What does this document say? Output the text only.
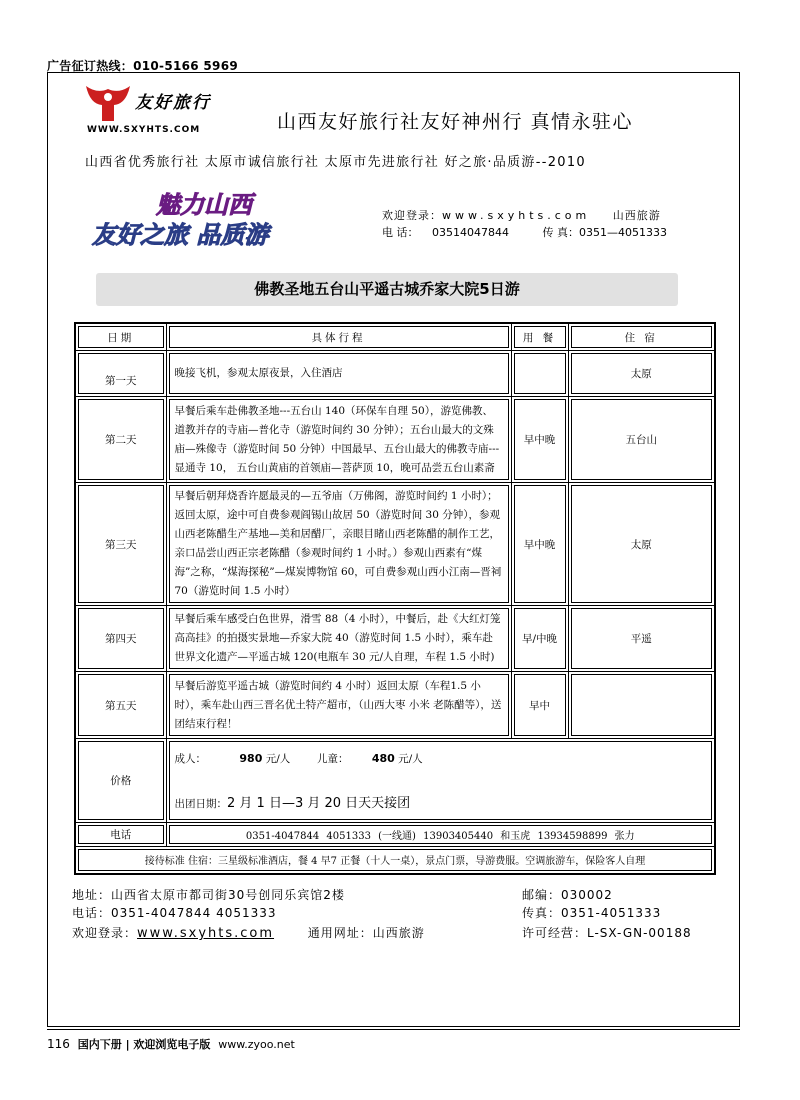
广告征订热线：010-5166 5969
友好旅行
WWW.SXYHTS.COM	山西友好旅行社友好神州行 真情永驻心
山西省优秀旅行社 太原市诚信旅行社 太原市先进旅行社 好之旅·品质游--2010
魅力山西
友好之旅 品质游
欢迎登录：www.sxyhts.com 山西旅游
电 话： 03514047844	传 真：0351—4051333
佛教圣地五台山平遥古城乔家大院5日游
日期	具体行程	用 餐	住 宿
第一天	晚接飞机，参观太原夜景，入住酒店		太原
第二天	早餐后乘车赴佛教圣地---五台山 140（环保车自理 50），游览佛教、道教并存的寺庙—普化寺（游览时间约 30 分钟）；五台山最大的文殊庙—殊像寺（游览时间 50 分钟）中国最早、五台山最大的佛教寺庙---显通寺 10， 五台山黄庙的首领庙—菩萨顶 10，晚可品尝五台山素斋	早中晚	五台山
第三天	早餐后朝拜烧香许愿最灵的—五爷庙（万佛阁，游览时间约 1 小时）；返回太原，途中可自费参观阎锡山故居 50（游览时间 30 分钟），参观山西老陈醋生产基地—美和居醋厂，亲眼目睹山西老陈醋的制作工艺，亲口品尝山西正宗老陈醋（参观时间约 1 小时。）参观山西素有“煤海”之称，“煤海探秘”—煤炭博物馆 60，可自费参观山西小江南—晋祠 70（游览时间 1.5 小时）	早中晚	太原
第四天	早餐后乘车感受白色世界，滑雪 88（4 小时），中餐后，赴《大红灯笼高高挂》的拍摄实景地—乔家大院 40（游览时间 1.5 小时），乘车赴世界文化遗产—平遥古城 120(电瓶车 30 元/人自理，车程 1.5 小时)	早/中晚	平遥
第五天	早餐后游览平遥古城（游览时间约 4 小时）返回太原（车程1.5 小时），乘车赴山西三晋名优土特产超市，（山西大枣 小米 老陈醋等），送团结束行程！	早中	
价格	成人： 980 元/人 儿童： 480 元/人
出团日期：2 月 1 日—3 月 20 日天天接团		

电话	0351-4047844 4051333 (一线通) 13903405440 和玉虎 13934598899 张力		
接待标准 住宿：三星级标准酒店，餐 4 早7 正餐（十人一桌），景点门票，导游费服。空调旅游车，保险客人自理			
地址：山西省太原市都司街30号创同乐宾馆2楼	邮编：030002
电话：0351-4047844 4051333	传真：0351-4051333
欢迎登录：www.sxyhts.com	通用网址：山西旅游	许可经营：L-SX-GN-00188
116 国内下册 | 欢迎浏览电子版 www.zyoo.net
